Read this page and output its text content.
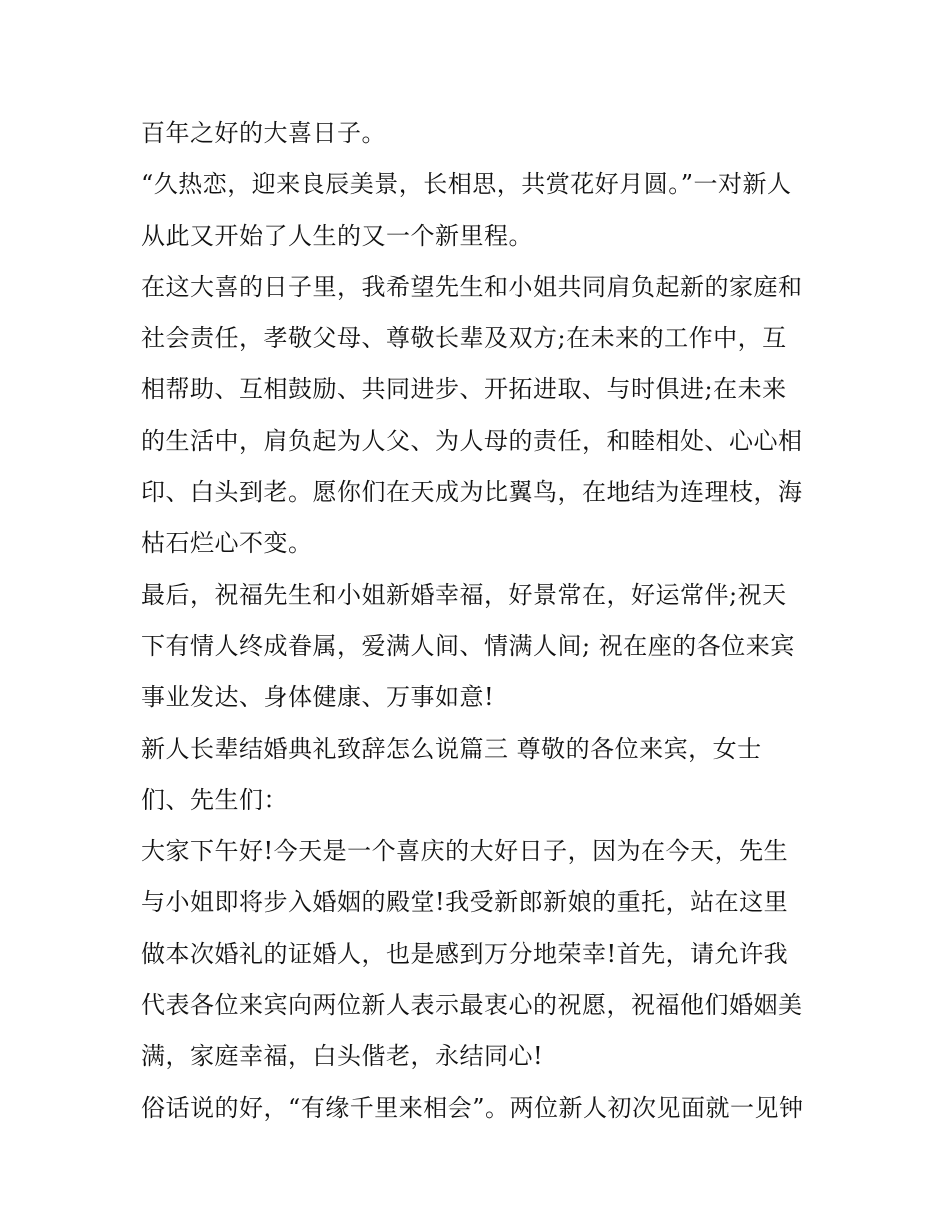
百年之好的大喜日子。
“久热恋，迎来良辰美景，长相思，共赏花好月圆。”一对新人
从此又开始了人生的又一个新里程。
在这大喜的日子里，我希望先生和小姐共同肩负起新的家庭和
社会责任，孝敬父母、尊敬长辈及双方;在未来的工作中，互
相帮助、互相鼓励、共同进步、开拓进取、与时俱进;在未来
的生活中，肩负起为人父、为人母的责任，和睦相处、心心相
印、白头到老。愿你们在天成为比翼鸟，在地结为连理枝，海
枯石烂心不变。
最后，祝福先生和小姐新婚幸福，好景常在，好运常伴;祝天
下有情人终成眷属，爱满人间、情满人间; 祝在座的各位来宾
事业发达、身体健康、万事如意!
新人长辈结婚典礼致辞怎么说篇三 尊敬的各位来宾，女士
们、先生们：
大家下午好!今天是一个喜庆的大好日子，因为在今天，先生
与小姐即将步入婚姻的殿堂!我受新郎新娘的重托，站在这里
做本次婚礼的证婚人，也是感到万分地荣幸!首先，请允许我
代表各位来宾向两位新人表示最衷心的祝愿，祝福他们婚姻美
满，家庭幸福，白头偕老，永结同心!
俗话说的好，“有缘千里来相会”。两位新人初次见面就一见钟
